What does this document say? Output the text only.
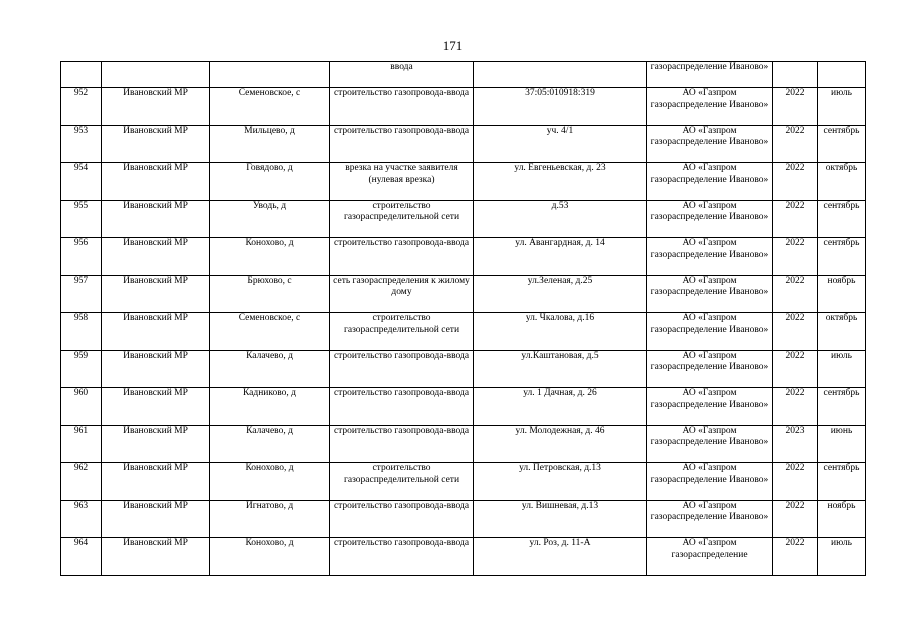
171
			ввода		газораспределение Иваново»		
952	Ивановский МР	Семеновское, с	строительство газопровода-ввода	37:05:010918:319	АО «Газпром газораспределение Иваново»	2022	июль
953	Ивановский МР	Мильцево, д	строительство газопровода-ввода	уч. 4/1	АО «Газпром газораспределение Иваново»	2022	сентябрь
954	Ивановский МР	Говядово, д	врезка на участке заявителя (нулевая врезка)	ул. Евгеньевская, д. 23	АО «Газпром газораспределение Иваново»	2022	октябрь
955	Ивановский МР	Уводь, д	строительство газораспределительной сети	д.53	АО «Газпром газораспределение Иваново»	2022	сентябрь
956	Ивановский МР	Конохово, д	строительство газопровода-ввода	ул. Авангардная, д. 14	АО «Газпром газораспределение Иваново»	2022	сентябрь
957	Ивановский МР	Брюхово, с	сеть газораспределения к жилому дому	ул.Зеленая, д.25	АО «Газпром газораспределение Иваново»	2022	ноябрь
958	Ивановский МР	Семеновское, с	строительство газораспределительной сети	ул. Чкалова, д.16	АО «Газпром газораспределение Иваново»	2022	октябрь
959	Ивановский МР	Калачево, д	строительство газопровода-ввода	ул.Каштановая, д.5	АО «Газпром газораспределение Иваново»	2022	июль
960	Ивановский МР	Кадниково, д	строительство газопровода-ввода	ул. 1 Дачная, д. 26	АО «Газпром газораспределение Иваново»	2022	сентябрь
961	Ивановский МР	Калачево, д	строительство газопровода-ввода	ул. Молодежная, д. 46	АО «Газпром газораспределение Иваново»	2023	июнь
962	Ивановский МР	Конохово, д	строительство газораспределительной сети	ул. Петровская, д.13	АО «Газпром газораспределение Иваново»	2022	сентябрь
963	Ивановский МР	Игнатово, д	строительство газопровода-ввода	ул. Вишневая, д.13	АО «Газпром газораспределение Иваново»	2022	ноябрь
964	Ивановский МР	Конохово, д	строительство газопровода-ввода	ул. Роз, д. 11-А	АО «Газпром газораспределение	2022	июль
